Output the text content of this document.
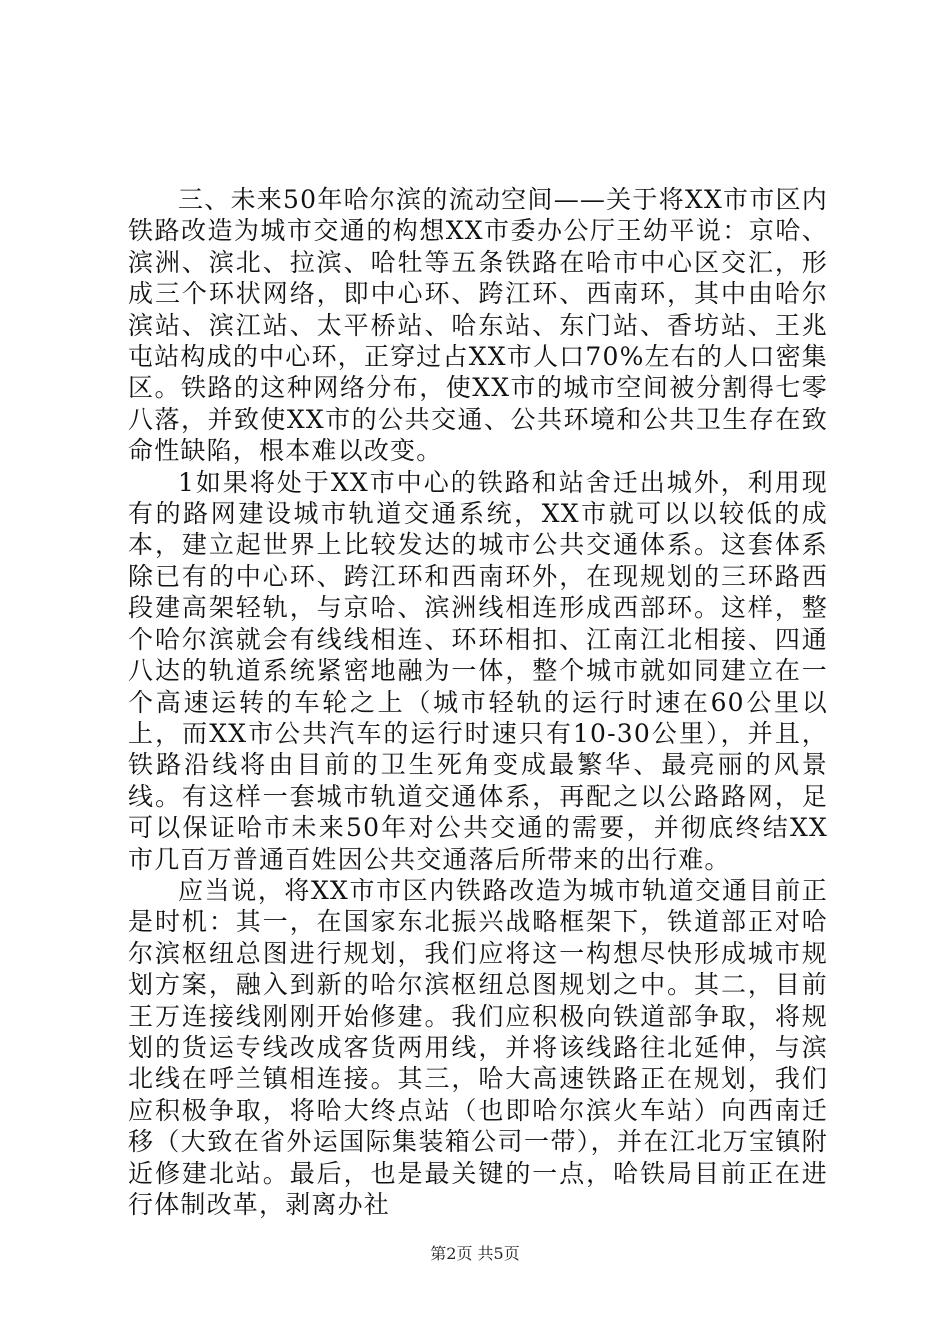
三、未来50年哈尔滨的流动空间——关于将XX市市区内铁路改造为城市交通的构想XX市委办公厅王幼平说：京哈、滨洲、滨北、拉滨、哈牡等五条铁路在哈市中心区交汇，形成三个环状网络，即中心环、跨江环、西南环，其中由哈尔滨站、滨江站、太平桥站、哈东站、东门站、香坊站、王兆屯站构成的中心环，正穿过占XX市人口70%左右的人口密集区。铁路的这种网络分布，使XX市的城市空间被分割得七零八落，并致使XX市的公共交通、公共环境和公共卫生存在致命性缺陷，根本难以改变。

1如果将处于XX市中心的铁路和站舍迁出城外，利用现有的路网建设城市轨道交通系统，XX市就可以以较低的成本，建立起世界上比较发达的城市公共交通体系。这套体系除已有的中心环、跨江环和西南环外，在现规划的三环路西段建高架轻轨，与京哈、滨洲线相连形成西部环。这样，整个哈尔滨就会有线线相连、环环相扣、江南江北相接、四通八达的轨道系统紧密地融为一体，整个城市就如同建立在一个高速运转的车轮之上（城市轻轨的运行时速在60公里以上，而XX市公共汽车的运行时速只有10-30公里），并且，铁路沿线将由目前的卫生死角变成最繁华、最亮丽的风景线。有这样一套城市轨道交通体系，再配之以公路路网，足可以保证哈市未来50年对公共交通的需要，并彻底终结XX市几百万普通百姓因公共交通落后所带来的出行难。

应当说，将XX市市区内铁路改造为城市轨道交通目前正是时机：其一，在国家东北振兴战略框架下，铁道部正对哈尔滨枢纽总图进行规划，我们应将这一构想尽快形成城市规划方案，融入到新的哈尔滨枢纽总图规划之中。其二，目前王万连接线刚刚开始修建。我们应积极向铁道部争取，将规划的货运专线改成客货两用线，并将该线路往北延伸，与滨北线在呼兰镇相连接。其三，哈大高速铁路正在规划，我们应积极争取，将哈大终点站（也即哈尔滨火车站）向西南迁移（大致在省外运国际集装箱公司一带），并在江北万宝镇附近修建北站。最后，也是最关键的一点，哈铁局目前正在进行体制改革，剥离办社

第2页 共5页
